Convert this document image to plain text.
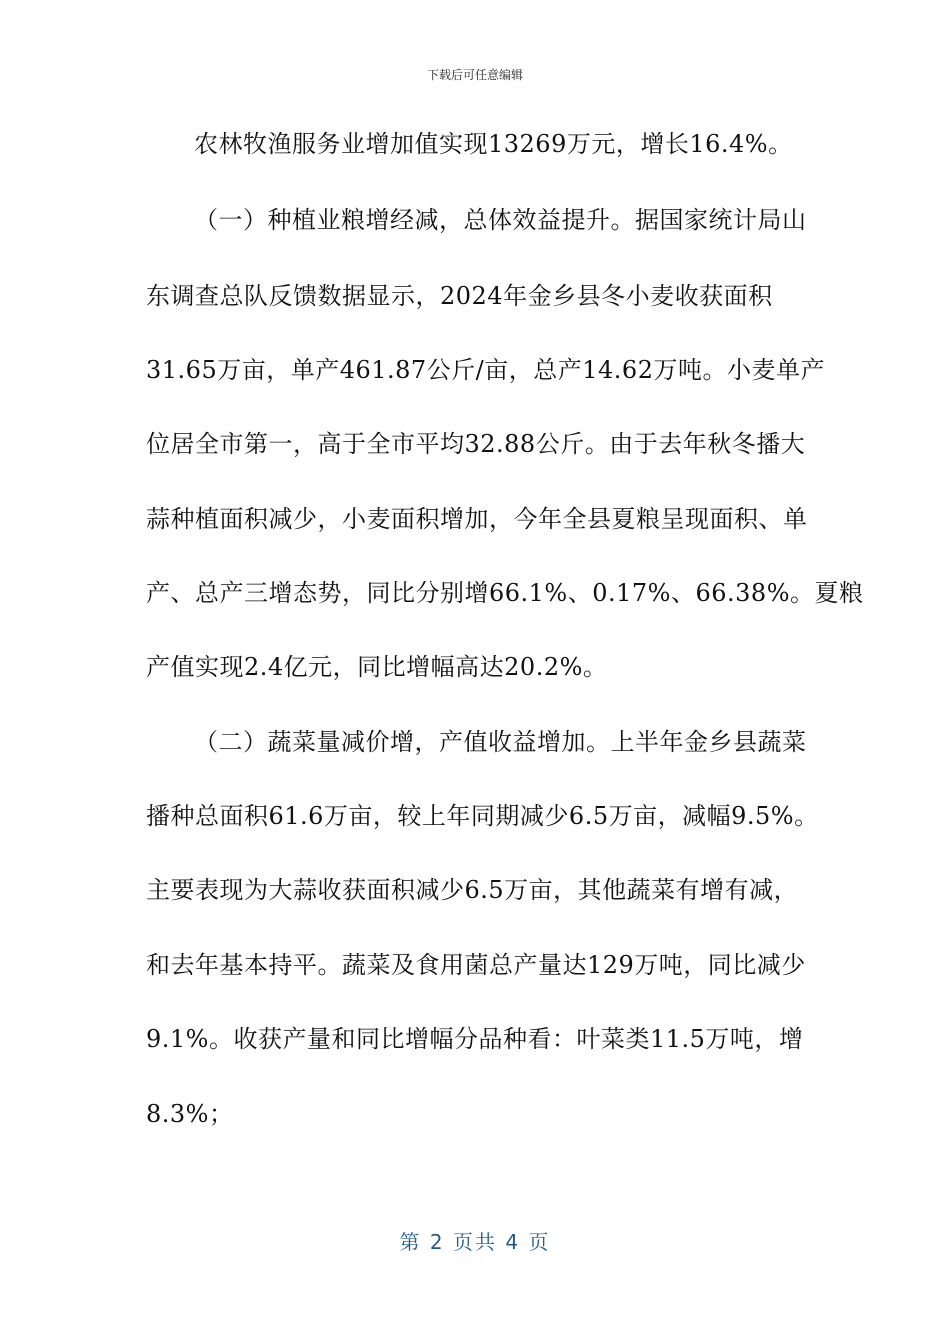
下载后可任意编辑
农林牧渔服务业增加值实现13269万元，增长16.4%。
（一）种植业粮增经减，总体效益提升。据国家统计局山
东调查总队反馈数据显示，2024年金乡县冬小麦收获面积
31.65万亩，单产461.87公斤/亩，总产14.62万吨。小麦单产
位居全市第一，高于全市平均32.88公斤。由于去年秋冬播大
蒜种植面积减少，小麦面积增加，今年全县夏粮呈现面积、单
产、总产三增态势，同比分别增66.1%、0.17%、66.38%。夏粮
产值实现2.4亿元，同比增幅高达20.2%。
（二）蔬菜量减价增，产值收益增加。上半年金乡县蔬菜
播种总面积61.6万亩，较上年同期减少6.5万亩，减幅9.5%。
主要表现为大蒜收获面积减少6.5万亩，其他蔬菜有增有减，
和去年基本持平。蔬菜及食用菌总产量达129万吨，同比减少
9.1%。收获产量和同比增幅分品种看：叶菜类11.5万吨，增
8.3%；
第 2 页共 4 页
